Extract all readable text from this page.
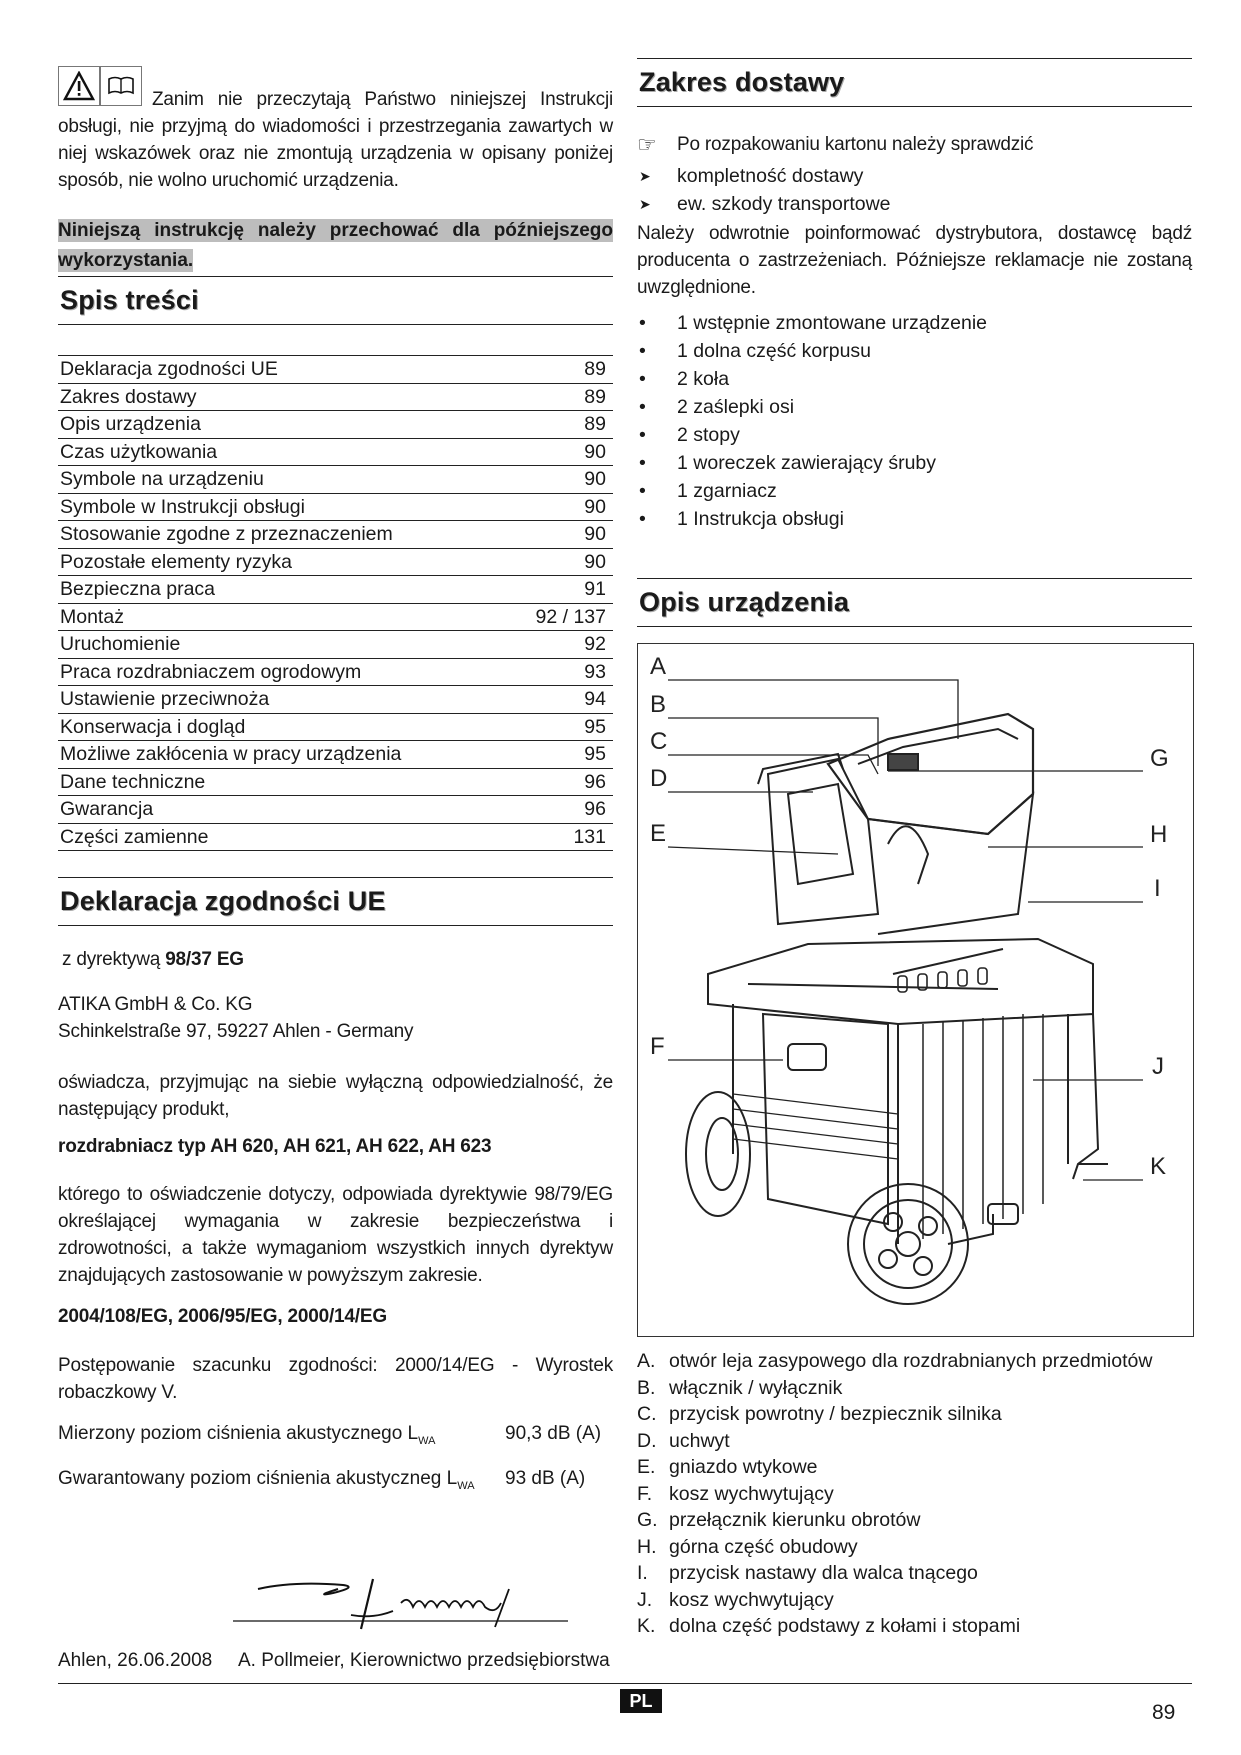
Zanim nie przeczytają Państwo niniejszej Instrukcji obsługi, nie przyjmą do wiadomości i przestrzegania zawartych w niej wskazówek oraz nie zmontują urządzenia w opisany poniżej sposób, nie wolno uruchomić urządzenia.

Niniejszą instrukcję należy przechować dla późniejszego wykorzystania.
Spis treści
Deklaracja zgodności UE	89
Zakres dostawy	89
Opis urządzenia	89
Czas użytkowania	90
Symbole na urządzeniu	90
Symbole w Instrukcji obsługi	90
Stosowanie zgodne z przeznaczeniem	90
Pozostałe elementy ryzyka	90
Bezpieczna praca	91
Montaż	92 / 137
Uruchomienie	92
Praca rozdrabniaczem ogrodowym	93
Ustawienie przeciwnoża	94
Konserwacja i dogląd	95
Możliwe zakłócenia w pracy urządzenia	95
Dane techniczne	96
Gwarancja	96
Części zamienne	131
Deklaracja zgodności UE

z dyrektywą 98/37 EG

ATIKA GmbH & Co. KG

Schinkelstraße 97, 59227 Ahlen - Germany

oświadcza, przyjmując na siebie wyłączną odpowiedzialność, że następujący produkt,

rozdrabniacz typ AH 620, AH 621, AH 622, AH 623

którego to oświadczenie dotyczy, odpowiada dyrektywie 98/79/EG określającej wymagania w zakresie bezpieczeństwa i zdrowotności, a także wymaganiom wszystkich innych dyrektyw znajdujących zastosowanie w powyższym zakresie.

2004/108/EG, 2006/95/EG, 2000/14/EG

Postępowanie szacunku zgodności: 2000/14/EG - Wyrostek robaczkowy V.

Mierzony poziom ciśnienia akustycznego $L_{WA}$	90,3 dB (A)
Gwarantowany poziom ciśnienia akustyczneg $L_{WA}$ 93 dB (A)
Ahlen, 26.06.2008	A. Pollmeier, Kierownictwo przedsiębiorstwa
Zakres dostawy

☞	Po rozpakowaniu kartonu należy sprawdzić

➤	kompletność dostawy
➤	ew. szkody transportowe

Należy odwrotnie poinformować dystrybutora, dostawcę bądź producenta o zastrzeżeniach. Późniejsze reklamacje nie zostaną uwzględnione.

•	1 wstępnie zmontowane urządzenie
•	1 dolna część korpusu
•	2 koła
•	2 zaślepki osi
•	2 stopy
•	1 woreczek zawierający śruby
•	1 zgarniacz
•	1 Instrukcja obsługi
Opis urządzenia
A
B
C
D
E
F
G
H
I
J
K
A. otwór leja zasypowego dla rozdrabnianych przedmiotów
B. włącznik / wyłącznik
C. przycisk powrotny / bezpiecznik silnika
D. uchwyt
E. gniazdo wtykowe
F. kosz wychwytujący
G. przełącznik kierunku obrotów
H. górna część obudowy
I.	przycisk nastawy dla walca tnącego
J. kosz wychwytujący
K. dolna część podstawy z kołami i stopami
PL	89
